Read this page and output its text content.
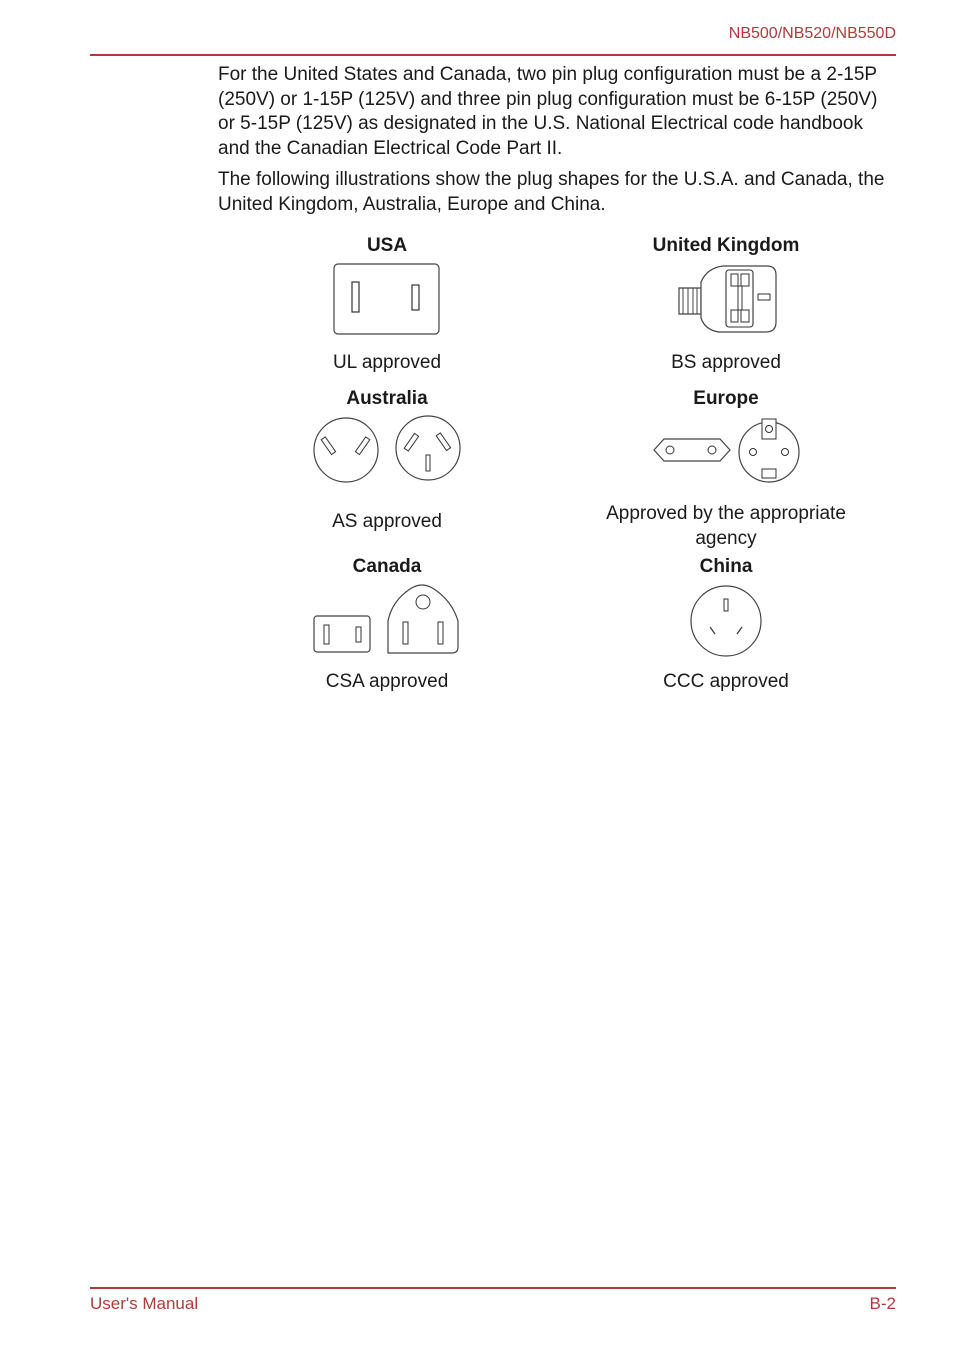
NB500/NB520/NB550D

For the United States and Canada, two pin plug configuration must be a 2-15P (250V) or 1-15P (125V) and three pin plug configuration must be 6-15P (250V) or 5-15P (125V) as designated in the U.S. National Electrical code handbook and the Canadian Electrical Code Part II.

The following illustrations show the plug shapes for the U.S.A. and Canada, the United Kingdom, Australia, Europe and China.

USA
UL approved
United Kingdom
BS approved
Australia
AS approved
Europe
Approved by the appropriate agency
Canada
CSA approved
China
CCC approved
User's Manual	B-2
